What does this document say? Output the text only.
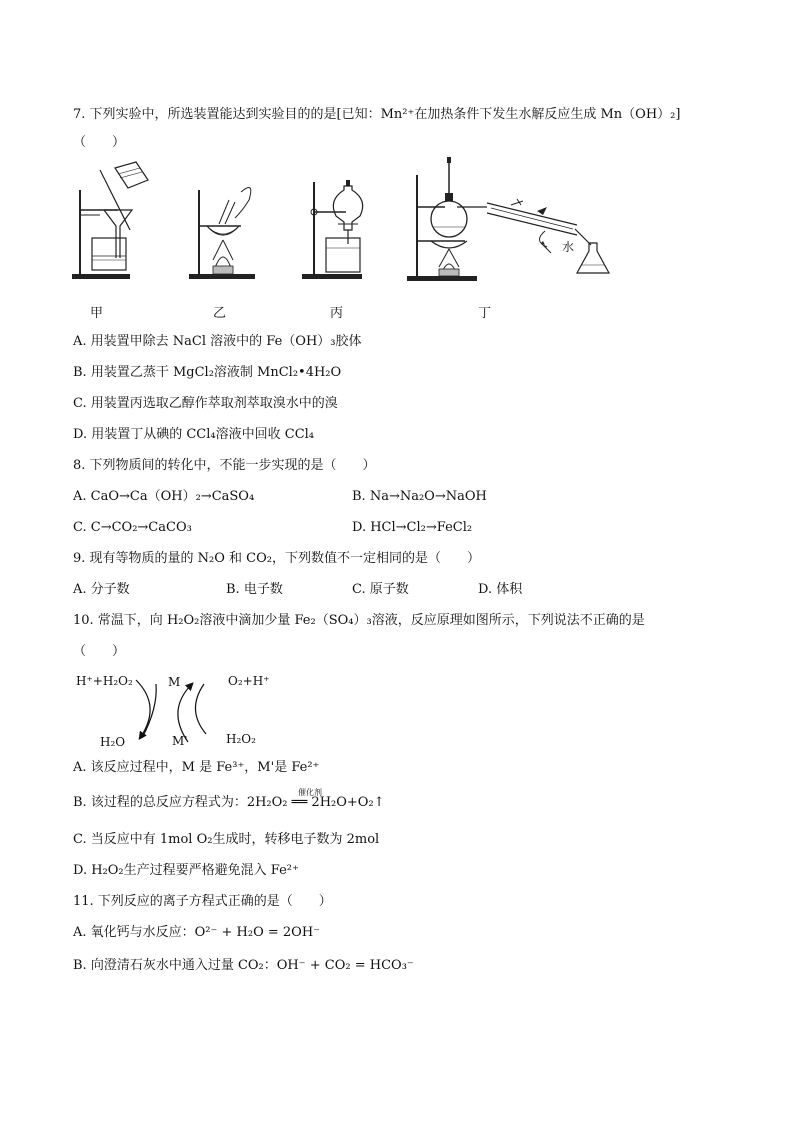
7. 下列实验中，所选装置能达到实验目的的是[已知：Mn²⁺在加热条件下发生水解反应生成 Mn（OH）₂]
（　　）
水
甲	乙	丙	丁
A. 用装置甲除去 NaCl 溶液中的 Fe（OH）₃胶体
B. 用装置乙蒸干 MgCl₂溶液制 MnCl₂•4H₂O
C. 用装置丙选取乙醇作萃取剂萃取溴水中的溴
D. 用装置丁从碘的 CCl₄溶液中回收 CCl₄
8. 下列物质间的转化中，不能一步实现的是（　　）
A. CaO→Ca（OH）₂→CaSO₄	B. Na→Na₂O→NaOH
C. C→CO₂→CaCO₃	D. HCl→Cl₂→FeCl₂
9. 现有等物质的量的 N₂O 和 CO₂，下列数值不一定相同的是（　　）
A. 分子数	B. 电子数	C. 原子数	D. 体积
10. 常温下，向 H₂O₂溶液中滴加少量 Fe₂（SO₄）₃溶液，反应原理如图所示，下列说法不正确的是
（　　）
H⁺+H₂O₂
H₂O
M
M'
O₂+H⁺
H₂O₂
A. 该反应过程中，M 是 Fe³⁺，M'是 Fe²⁺
B. 该过程的总反应方程式为：2H₂O₂ ══ 2H₂O+O₂↑
催化剂
C. 当反应中有 1mol O₂生成时，转移电子数为 2mol
D. H₂O₂生产过程要严格避免混入 Fe²⁺
11. 下列反应的离子方程式正确的是（　　）
A. 氧化钙与水反应：O²⁻ + H₂O = 2OH⁻
B. 向澄清石灰水中通入过量 CO₂：OH⁻ + CO₂ = HCO₃⁻
